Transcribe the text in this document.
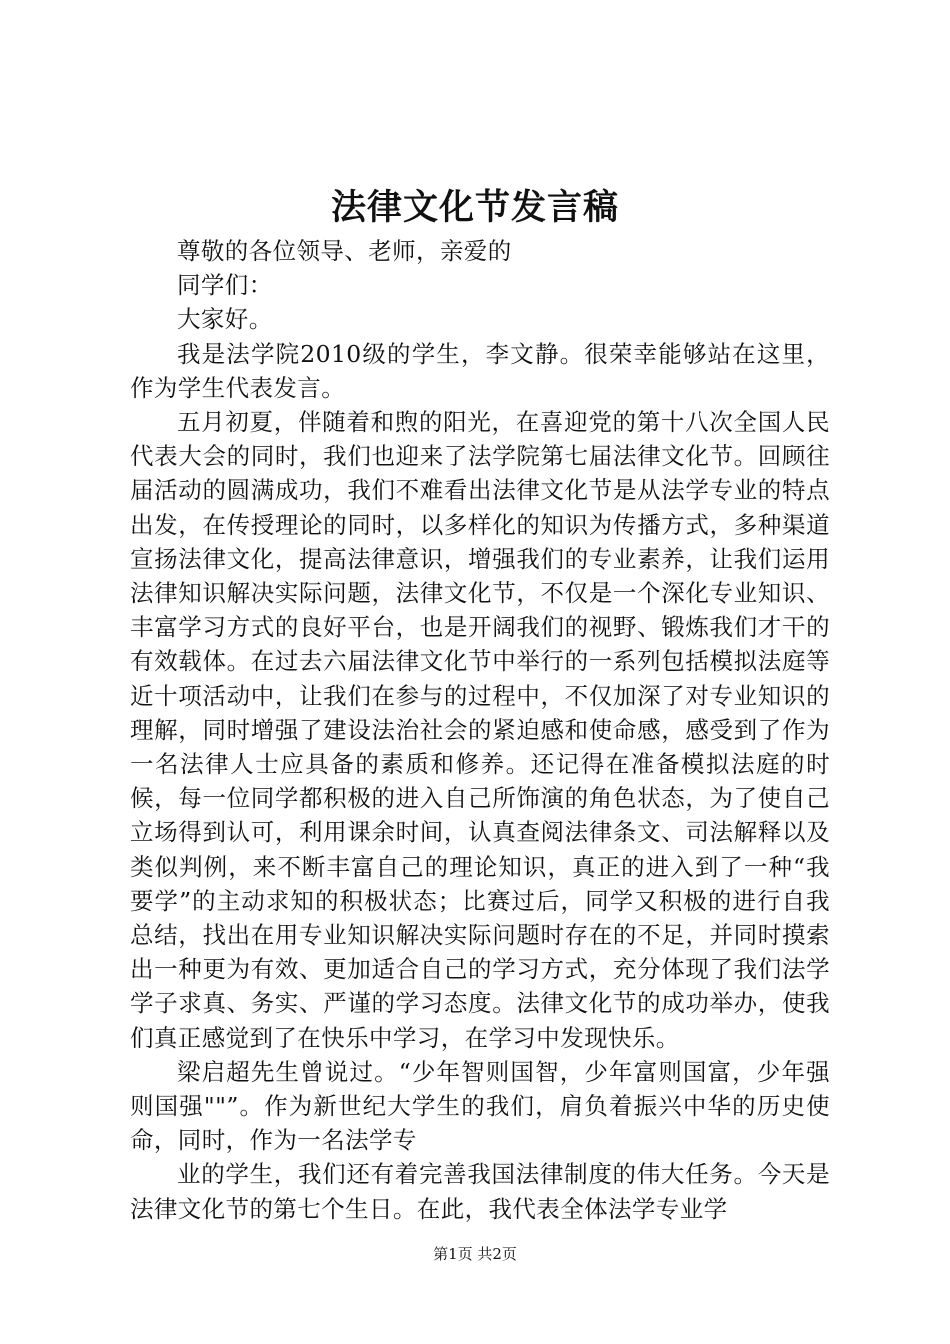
法律文化节发言稿

尊敬的各位领导、老师，亲爱的

同学们：

大家好。

我是法学院2010级的学生，李文静。很荣幸能够站在这里，作为学生代表发言。

五月初夏，伴随着和煦的阳光，在喜迎党的第十八次全国人民代表大会的同时，我们也迎来了法学院第七届法律文化节。回顾往届活动的圆满成功，我们不难看出法律文化节是从法学专业的特点出发，在传授理论的同时，以多样化的知识为传播方式，多种渠道宣扬法律文化，提高法律意识，增强我们的专业素养，让我们运用法律知识解决实际问题，法律文化节，不仅是一个深化专业知识、丰富学习方式的良好平台，也是开阔我们的视野、锻炼我们才干的有效载体。在过去六届法律文化节中举行的一系列包括模拟法庭等近十项活动中，让我们在参与的过程中，不仅加深了对专业知识的理解，同时增强了建设法治社会的紧迫感和使命感，感受到了作为一名法律人士应具备的素质和修养。还记得在准备模拟法庭的时候，每一位同学都积极的进入自己所饰演的角色状态，为了使自己立场得到认可，利用课余时间，认真查阅法律条文、司法解释以及类似判例，来不断丰富自己的理论知识，真正的进入到了一种“我要学”的主动求知的积极状态；比赛过后，同学又积极的进行自我总结，找出在用专业知识解决实际问题时存在的不足，并同时摸索出一种更为有效、更加适合自己的学习方式，充分体现了我们法学学子求真、务实、严谨的学习态度。法律文化节的成功举办，使我们真正感觉到了在快乐中学习，在学习中发现快乐。

梁启超先生曾说过。“少年智则国智，少年富则国富，少年强则国强""”。作为新世纪大学生的我们，肩负着振兴中华的历史使命，同时，作为一名法学专

业的学生，我们还有着完善我国法律制度的伟大任务。今天是法律文化节的第七个生日。在此，我代表全体法学专业学

第1页 共2页
